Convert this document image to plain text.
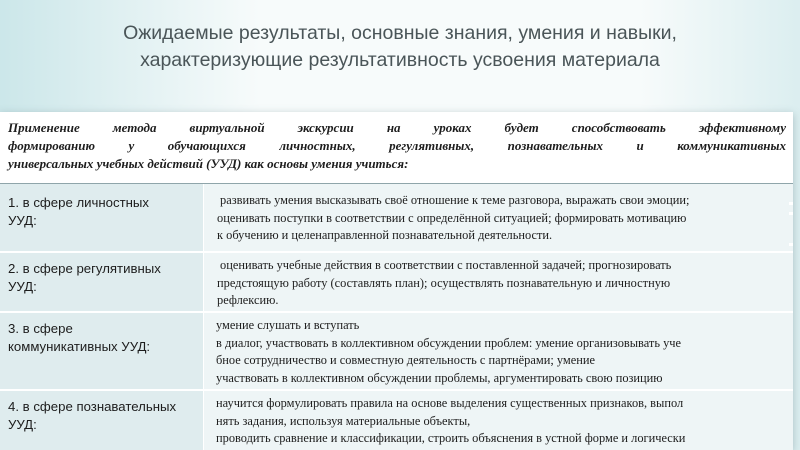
Ожидаемые результаты, основные знания, умения и навыки,
характеризующие результативность усвоения материала
Применение метода виртуальной экскурсии на уроках будет способствовать эффективному
формированию у обучающихся личностных, регулятивных, познавательных и коммуникативных
универсальных учебных действий (УУД) как основы умения учиться:
1. в сфере личностных
УУД:
развивать умения высказывать своё отношение к теме разговора, выражать свои эмоции;
оценивать поступки в соответствии с определённой ситуацией; формировать мотивацию
к обучению и целенаправленной познавательной деятельности.
2. в сфере регулятивных
УУД:
оценивать учебные действия в соответствии с поставленной задачей; прогнозировать
предстоящую работу (составлять план); осуществлять познавательную и личностную
рефлексию.
3. в сфере
коммуникативных УУД:
умение слушать и вступать
в диалог, участвовать в коллективном обсуждении проблем: умение организовывать уче
бное сотрудничество и совместную деятельность с партнёрами; умение
участвовать в коллективном обсуждении проблемы, аргументировать свою позицию
4. в сфере познавательных
УУД:
научится формулировать правила на основе выделения существенных признаков, выпол
нять задания, используя материальные объекты,
проводить сравнение и классификации, строить объяснения в устной форме и логически
